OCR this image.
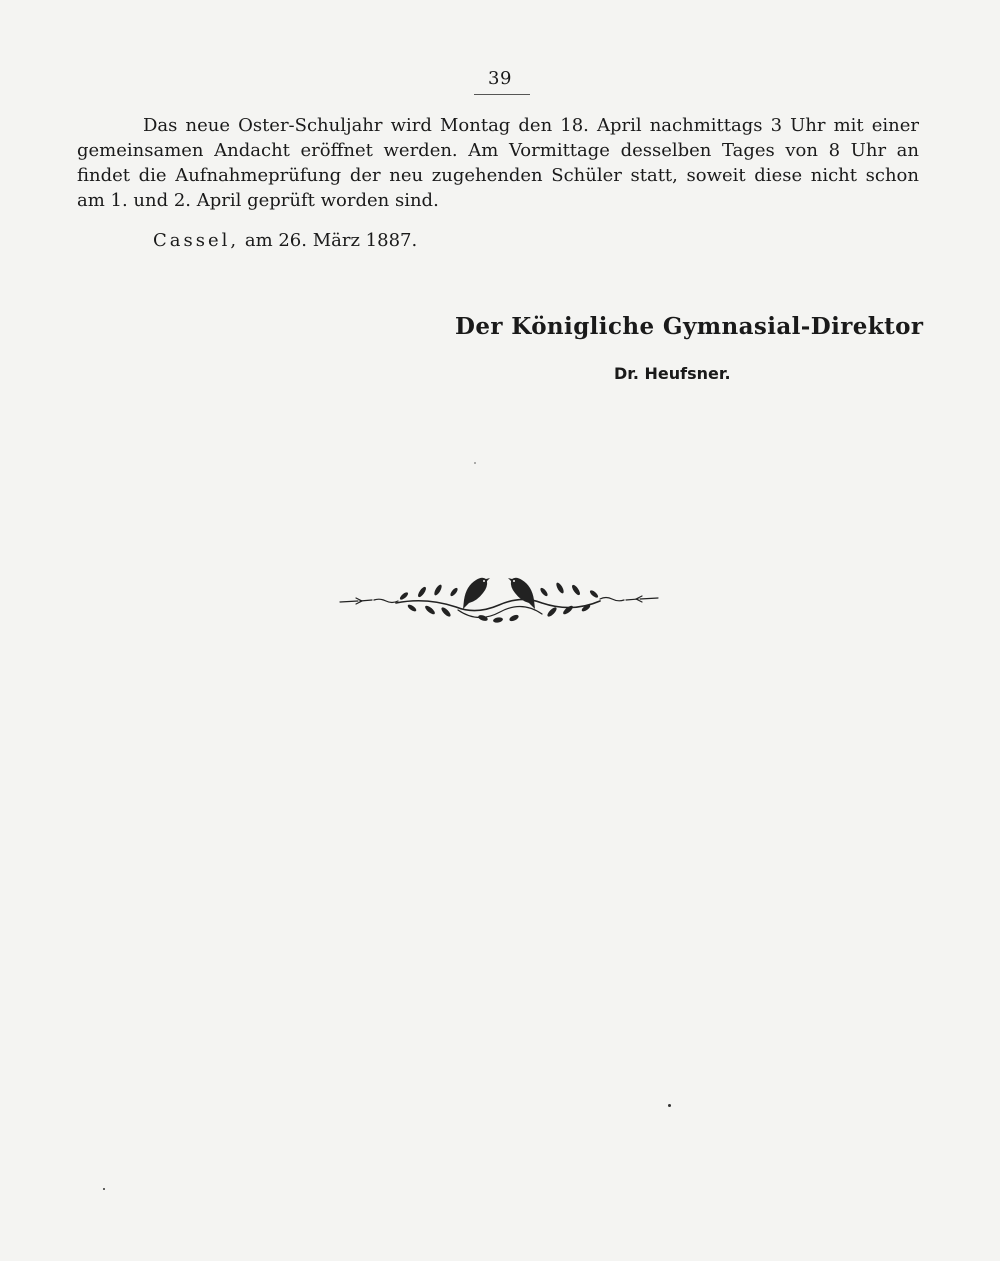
39

Das neue Oster-Schuljahr wird Montag den 18. April nachmittags 3 Uhr mit einer gemeinsamen Andacht eröffnet werden. Am Vormittage desselben Tages von 8 Uhr an findet die Aufnahmeprüfung der neu zugehenden Schüler statt, soweit diese nicht schon am 1. und 2. April geprüft worden sind.

Cassel, am 26. März 1887.
Der Königliche Gymnasial-Direktor
Dr. Heufsner.
